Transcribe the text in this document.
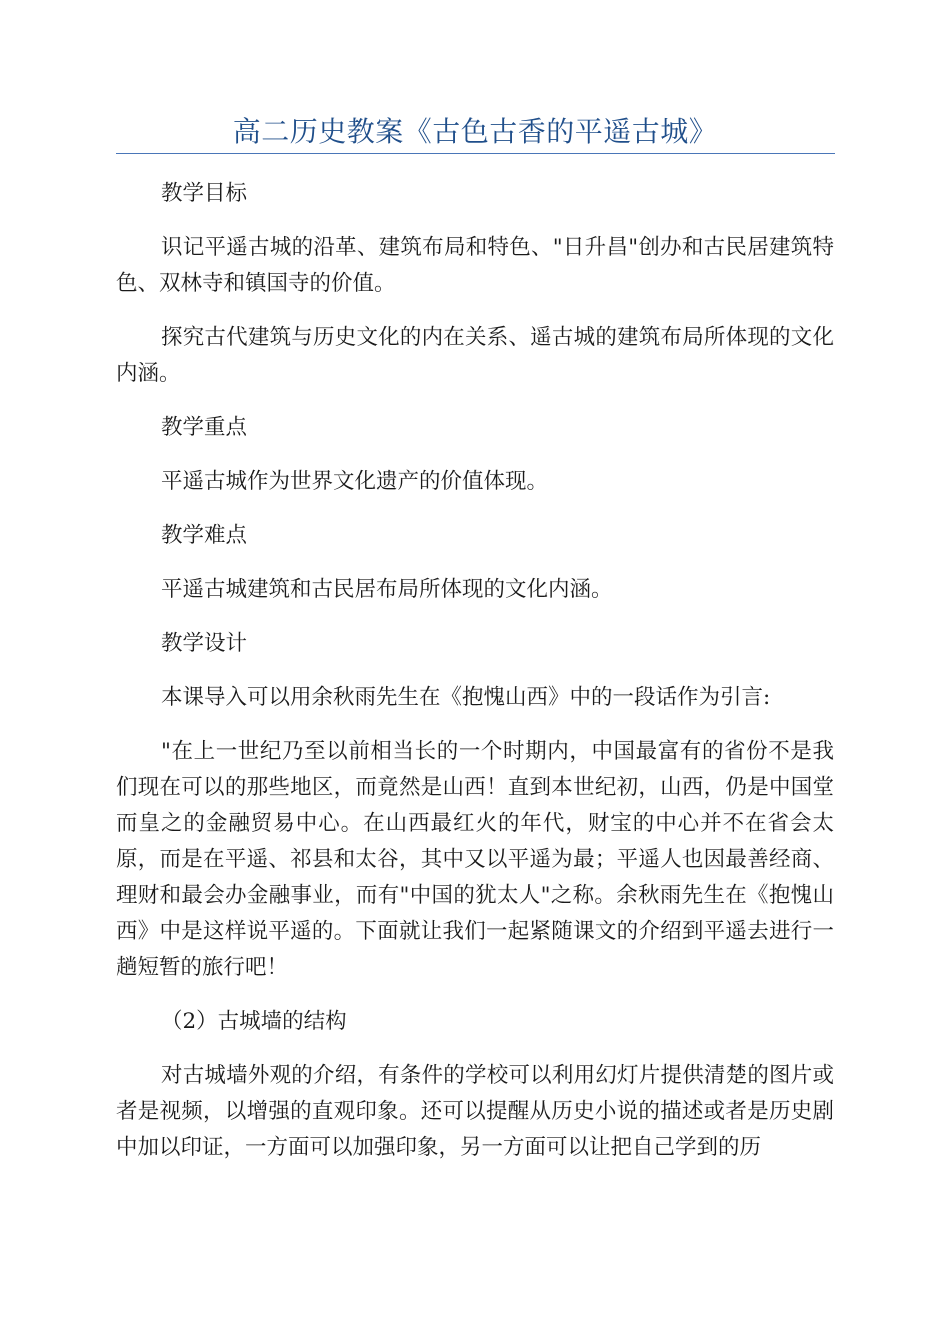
高二历史教案《古色古香的平遥古城》

教学目标

识记平遥古城的沿革、建筑布局和特色、"日升昌"创办和古民居建筑特色、双林寺和镇国寺的价值。

探究古代建筑与历史文化的内在关系、遥古城的建筑布局所体现的文化内涵。

教学重点

平遥古城作为世界文化遗产的价值体现。

教学难点

平遥古城建筑和古民居布局所体现的文化内涵。

教学设计

本课导入可以用余秋雨先生在《抱愧山西》中的一段话作为引言:

"在上一世纪乃至以前相当长的一个时期内，中国最富有的省份不是我们现在可以的那些地区，而竟然是山西！直到本世纪初，山西，仍是中国堂而皇之的金融贸易中心。在山西最红火的年代，财宝的中心并不在省会太原，而是在平遥、祁县和太谷，其中又以平遥为最；平遥人也因最善经商、理财和最会办金融事业，而有"中国的犹太人"之称。余秋雨先生在《抱愧山西》中是这样说平遥的。下面就让我们一起紧随课文的介绍到平遥去进行一趟短暂的旅行吧！

（2）古城墙的结构

对古城墙外观的介绍，有条件的学校可以利用幻灯片提供清楚的图片或者是视频，以增强的直观印象。还可以提醒从历史小说的描述或者是历史剧中加以印证，一方面可以加强印象，另一方面可以让把自己学到的历
